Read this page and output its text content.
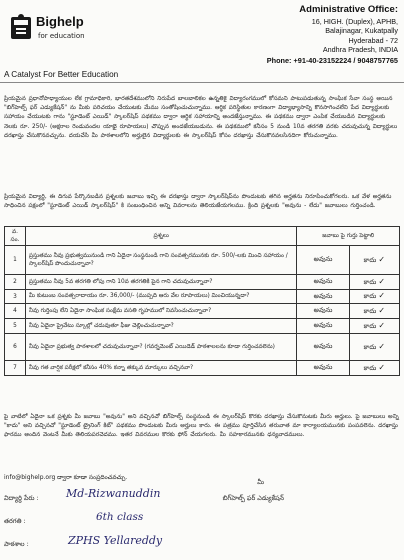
Bighelp
for education
A Catalyst For Better Education
Administrative Office:
16, HIGH. (Duplex), APHB,
Balajinagar, Kukatpally
Hyderabad - 72
Andhra Pradesh, INDIA
Phone: +91-40-23152224 / 9048757765
ప్రియమైన ప్రధానోపాధ్యాయుల లేక గ్రామాధికారి, భారతదేశములోని నిరుపేద బాలబాలికల ఉన్నతికై విద్యారంగములో కోసమని పాటుపడుతున్న సాంఘిక సేవా సంస్థ అయిన "బిగ్‌హెల్ప్ ఫర్ ఎడ్యుకేషన్" ను మీకు పరిచయం చేయుటకు మేము సంతోషించుచున్నాము. ఆర్థిక పరిస్థితుల కారణంగా విద్యాభ్యాసాన్ని కొనసాగించలేని పేద విద్యార్థులకు సహాయం చేయుటకు గాను "స్టూడెంట్ ఎయిడ్" స్కాలర్‌షిప్ పథకము ద్వారా ఆర్థిక సహాయాన్ని అందజేస్తున్నాము. ఈ పథకము ద్వారా ఎంపిక చేయబడిన విద్యార్థులకు నెలకు రూ. 250/- (అక్షరాల రెండువందల యాభై రూపాయలు) చొప్పున అందజేయబడును. ఈ పథకములో కనీసం 5 నుండి 10వ తరగతి వరకు చదువుచున్న విద్యార్థులు దరఖాస్తు చేసుకొనవచ్చును. దయచేసి మీ పాఠశాలలోని అర్హులైన విద్యార్థులకు ఈ స్కాలర్‌షిప్ కోసం దరఖాస్తు చేసుకొనవలసినదిగా కోరుచున్నాము.
ప్రియమైన విద్యార్థి, ఈ దిగువ పేర్కొనబడిన ప్రశ్నలకు జవాబు ఇచ్చి ఈ దరఖాస్తు ద్వారా స్కాలర్‌షిప్‌ను పొందుటకు తగిన అర్హతను నిరూపించుకోగలరు. ఒక వేళ అర్హతను సాధించిన పక్షంలో "స్టూడెంట్ ఎయిడ్ స్కాలర్‌షిప్" కి సంబంధించిన అన్ని వివరాలను తెలియజేయగలము. క్రింది ప్రశ్నలకు "అవును - లేదు" జవాబులు గుర్తించండి.
వ. సం.	ప్రశ్నలు	జవాబు పై గుర్తు పెట్టాలి	
1	ప్రస్తుతము నీవు ప్రభుత్వమునుండి గాని ఏదైనా సంస్థనుండి గాని సంవత్సరమునకు రూ. 500/-లకు మించి సహాయం / స్కాలర్‌షిప్ పొందుచున్నావా?	అవును	కాదు ✓
2	ప్రస్తుతము నీవు 5వ తరగతి లోపు గాని 10వ తరగతికి పైన గాని చదువుచున్నావా?	అవును	కాదు ✓
3	మీ కుటుంబ సంవత్సరాదాయం రూ. 36,000/- (ముప్పది ఆరు వేల రూపాయలు) మించియున్నదా?	అవును	కాదు ✓
4	నీవు గుర్తింపు లేని ఏదైనా సాంఘిక సంక్షేమ వసతి గృహములో నివసించుచున్నావా?	అవును	కాదు ✓
5	నీవు ఏదైనా ప్రైవేటు స్కూల్లో చదువుతూ ఫీజు చెల్లించుచున్నావా?	అవును	కాదు ✓
6	నీవు ఏదైనా ప్రభుత్వ పాఠశాలలో చదువుచున్నావా? (గవర్నమెంట్ ఎయిడెడ్ పాఠశాలలను కూడా గుర్తించవలెను)	అవును	కాదు ✓
7	నీవు గత వార్షిక పరీక్షలో కనీసం 40% కన్నా తక్కువ మార్కులు వచ్చినవా?	అవును	కాదు ✓
పై వాటిలో ఏదైనా ఒక ప్రశ్నకు మీ జవాబు "అవును" అని వచ్చినచో బిగ్‌హెల్ప్ సంస్థనుండి ఈ స్కాలర్‌షిప్ కొరకు దరఖాస్తు చేసుకొనుటకు మీరు అర్హులు. పై జవాబులు అన్ని "కాదు" అని వచ్చినచో "స్టూడెంట్ ట్రైనింగ్ కిట్" పథకము పొందుటకు మీరు అర్హులు కారు. ఈ పత్రము పూర్తిచేసిన తరువాత మా కార్యాలయమునకు పంపవలెను. దరఖాస్తు ఫారము అందిన వెంటనే మీకు తెలియపరచెదము. ఇతర వివరముల కొరకు ఫోన్ చేయగలరు. మీ సహకారమునకు ధన్యవాదములు.
info@bighelp.org ద్వారా కూడా సంప్రదించవచ్చు.
మీ
బిగ్‌హెల్ప్ ఫర్ ఎడ్యుకేషన్
విద్యార్థి పేరు : Md-Rizwanuddin
తరగతి :	6th class
పాఠశాల :	ZPHS Yellareddy
